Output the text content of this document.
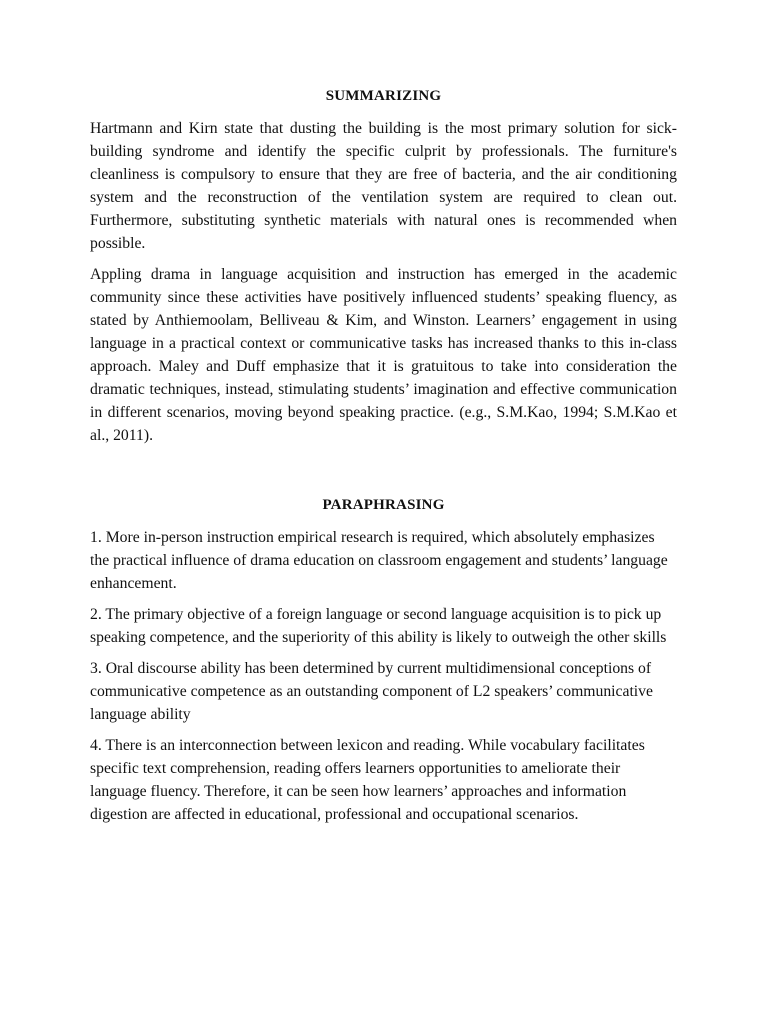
SUMMARIZING

Hartmann and Kirn state that dusting the building is the most primary solution for sick-building syndrome and identify the specific culprit by professionals. The furniture's cleanliness is compulsory to ensure that they are free of bacteria, and the air conditioning system and the reconstruction of the ventilation system are required to clean out. Furthermore, substituting synthetic materials with natural ones is recommended when possible.

Appling drama in language acquisition and instruction has emerged in the academic community since these activities have positively influenced students’ speaking fluency, as stated by Anthiemoolam, Belliveau & Kim, and Winston. Learners’ engagement in using language in a practical context or communicative tasks has increased thanks to this in-class approach. Maley and Duff emphasize that it is gratuitous to take into consideration the dramatic techniques, instead, stimulating students’ imagination and effective communication in different scenarios, moving beyond speaking practice. (e.g., S.M.Kao, 1994; S.M.Kao et al., 2011).

PARAPHRASING

1. More in-person instruction empirical research is required, which absolutely emphasizes the practical influence of drama education on classroom engagement and students’ language enhancement.

2. The primary objective of a foreign language or second language acquisition is to pick up speaking competence, and the superiority of this ability is likely to outweigh the other skills

3. Oral discourse ability has been determined by current multidimensional conceptions of communicative competence as an outstanding component of L2 speakers’ communicative language ability

4. There is an interconnection between lexicon and reading. While vocabulary facilitates specific text comprehension, reading offers learners opportunities to ameliorate their language fluency. Therefore, it can be seen how learners’ approaches and information digestion are affected in educational, professional and occupational scenarios.
